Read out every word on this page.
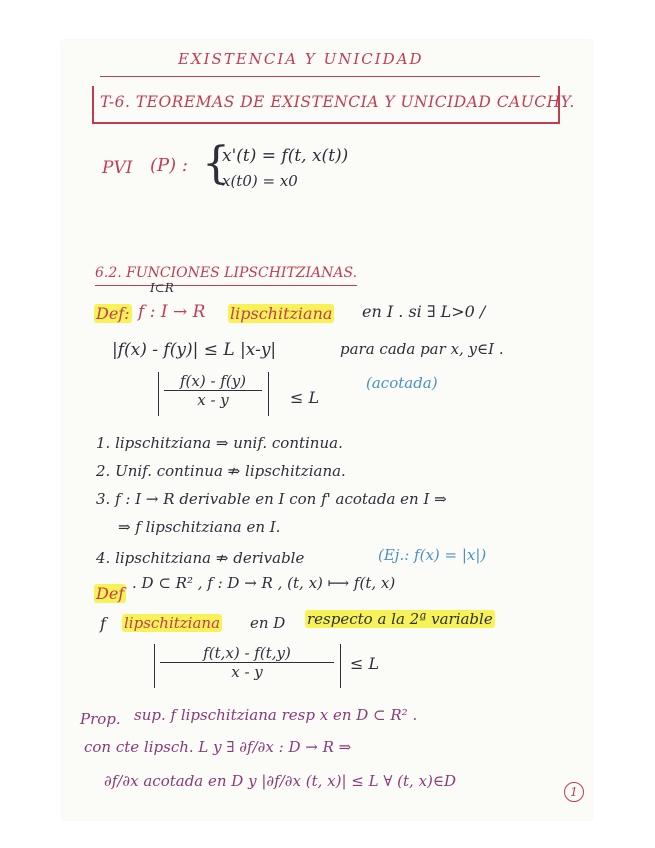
EXISTENCIA Y UNICIDAD
T-6. TEOREMAS DE EXISTENCIA Y UNICIDAD CAUCHY.
PVI (P) : {
x'(t) = f(t, x(t))
x(t0) = x0
6.2. FUNCIONES LIPSCHITZIANAS.
I⊂R
Def: f : I → R lipschitziana en I . si ∃ L>0 /
|f(x) - f(y)| ≤ L |x-y|	para cada par x, y∈I .
$\frac{f(x) - f(y)}{x - y} \le L$
(acotada)
1. lipschitziana ⇒ unif. continua.
2. Unif. continua ⇏ lipschitziana.
3. f : I → R derivable en I con f' acotada en I ⇒
⇒ f lipschitziana en I.
4. lipschitziana ⇏ derivable	(Ej.: f(x) = |x|)
Def
. D ⊂ R² , f : D → R , (t, x) ⟼ f(t, x)
f lipschitziana en D respecto a la 2ª variable
$\frac{f(t,x) - f(t,y)}{x - y} \le L$
Prop. sup. f lipschitziana resp x en D ⊂ R² .
con cte lipsch. L y ∃ ∂f/∂x : D → R ⇒
∂f/∂x acotada en D y |∂f/∂x (t, x)| ≤ L ∀ (t, x)∈D
1
